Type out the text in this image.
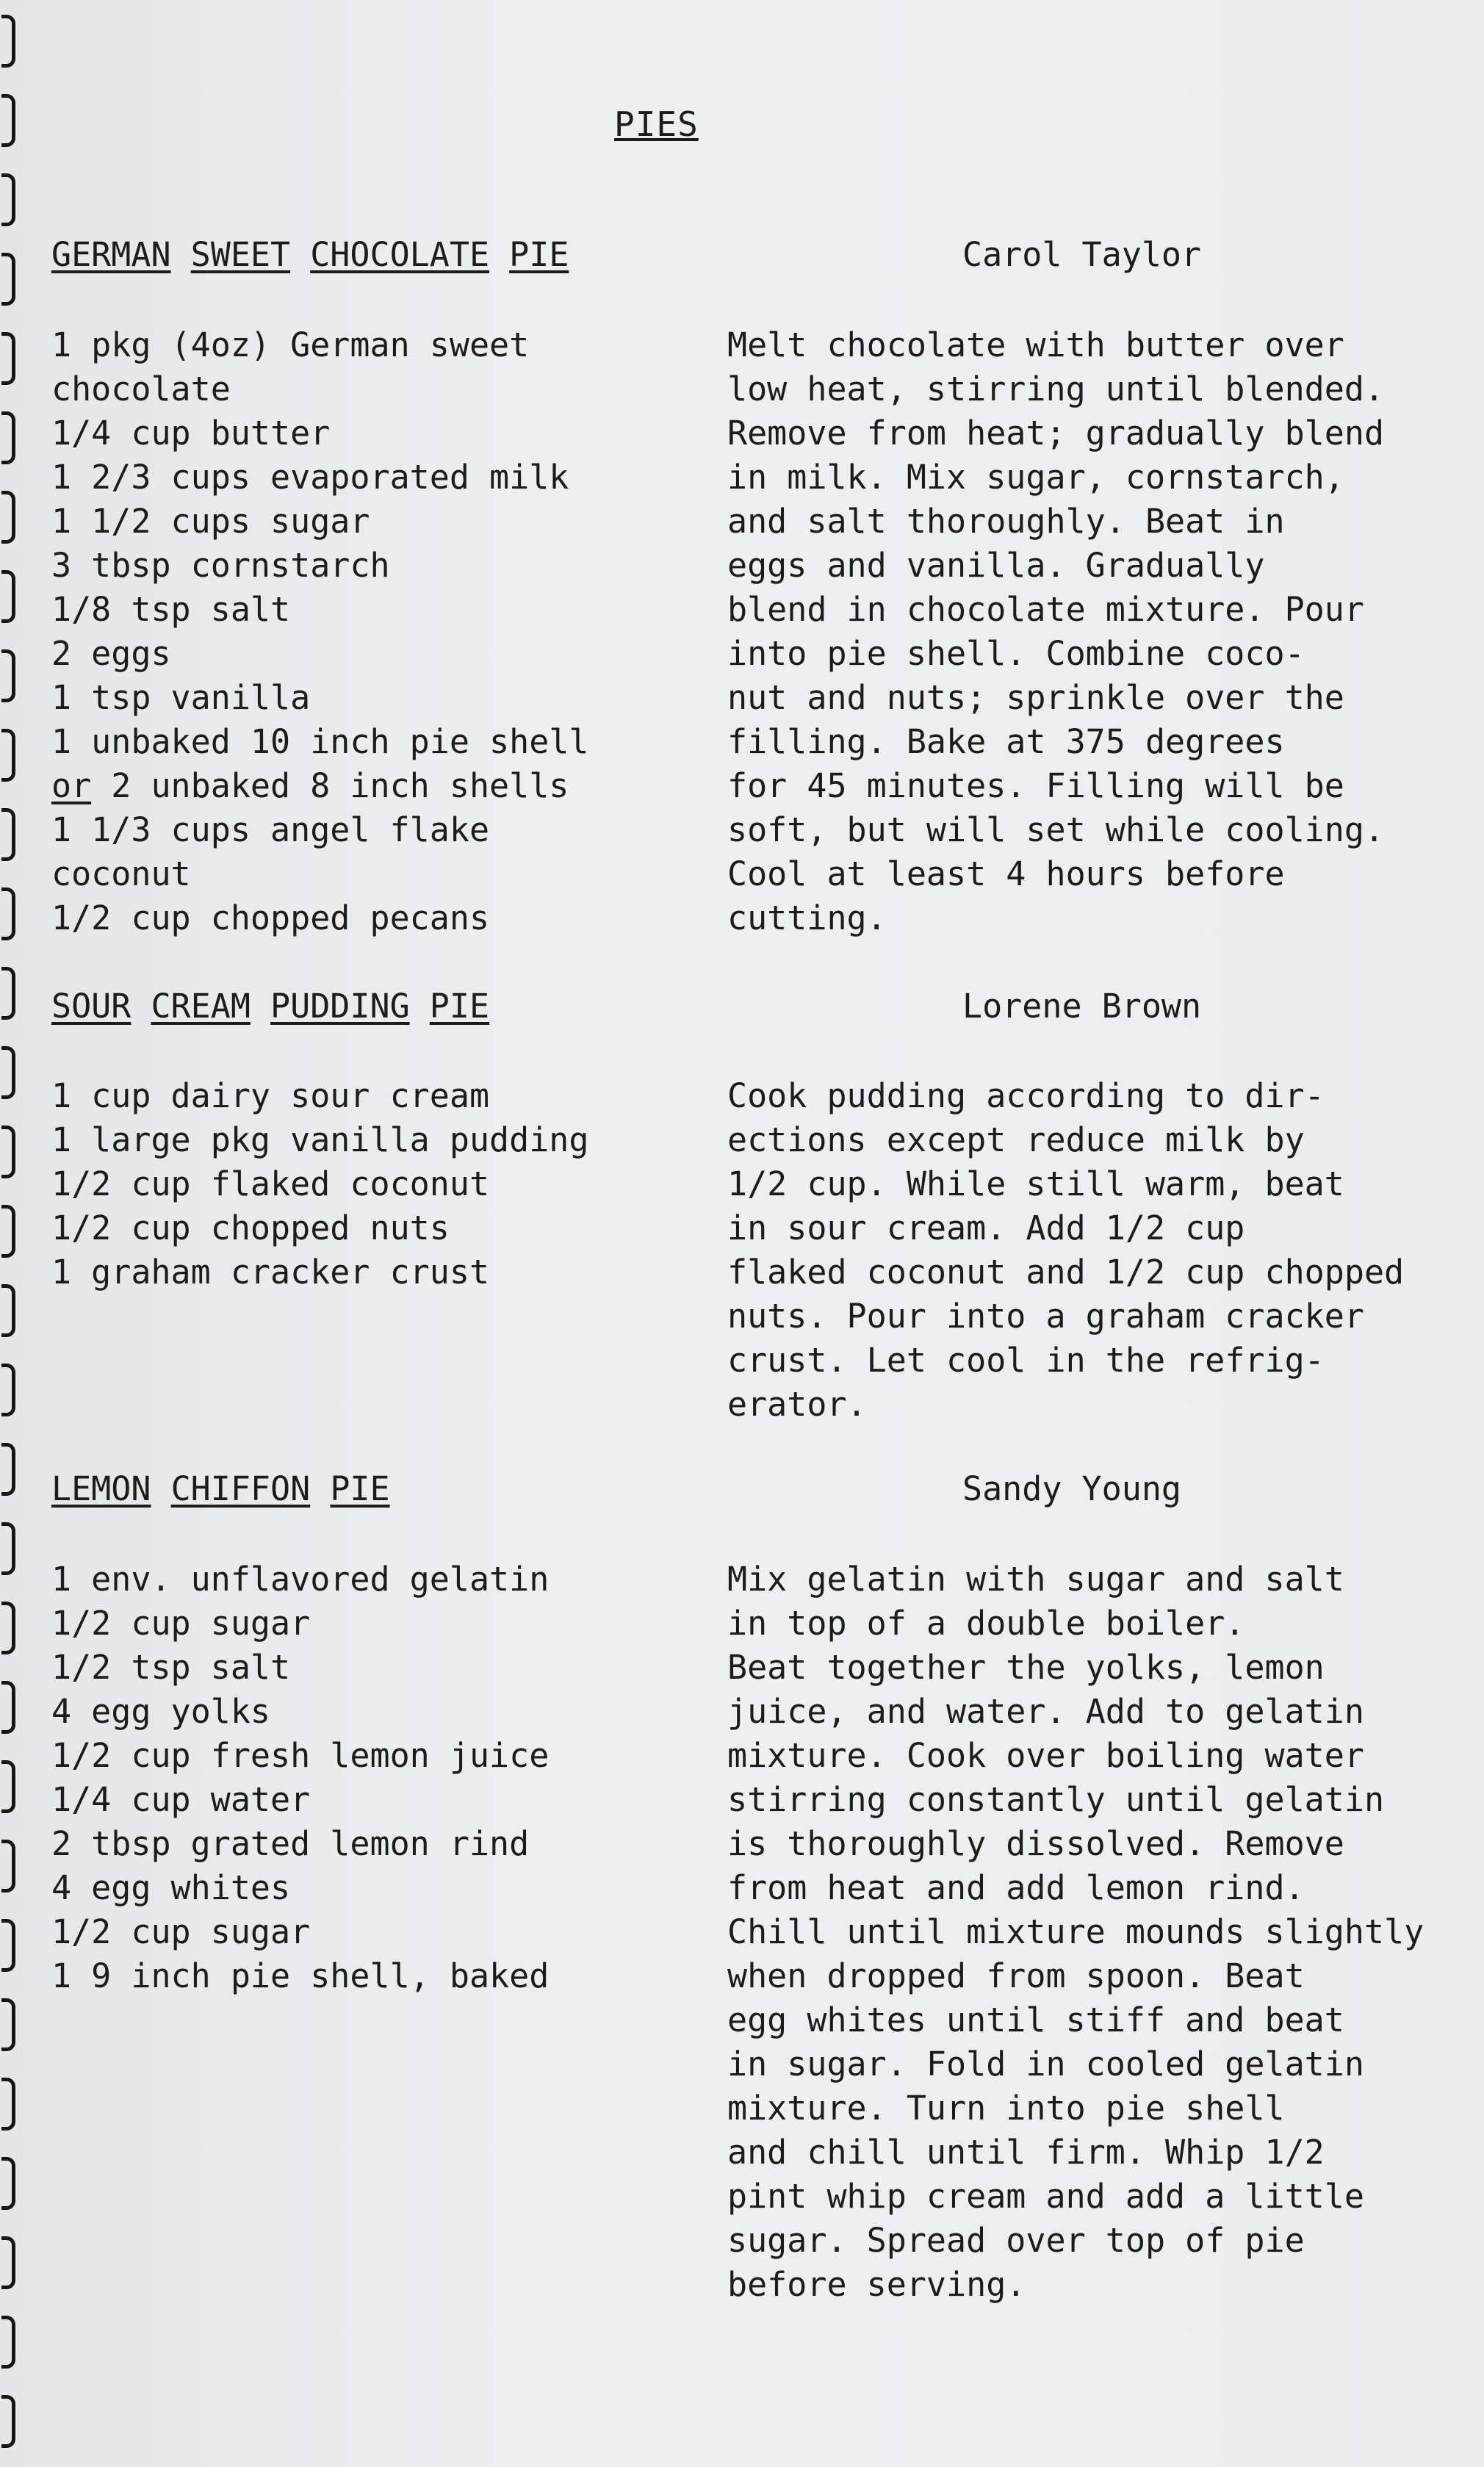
PIES
GERMAN SWEET CHOCOLATE PIE	Carol Taylor
1 pkg (4oz) German sweet
chocolate
1/4 cup butter
1 2/3 cups evaporated milk
1 1/2 cups sugar
3 tbsp cornstarch
1/8 tsp salt
2 eggs
1 tsp vanilla
1 unbaked 10 inch pie shell
or 2 unbaked 8 inch shells
1 1/3 cups angel flake
coconut
1/2 cup chopped pecans
Melt chocolate with butter over
low heat, stirring until blended.
Remove from heat; gradually blend
in milk. Mix sugar, cornstarch,
and salt thoroughly. Beat in
eggs and vanilla. Gradually
blend in chocolate mixture. Pour
into pie shell. Combine coco-
nut and nuts; sprinkle over the
filling. Bake at 375 degrees
for 45 minutes. Filling will be
soft, but will set while cooling.
Cool at least 4 hours before
cutting.
SOUR CREAM PUDDING PIE	Lorene Brown
1 cup dairy sour cream
1 large pkg vanilla pudding
1/2 cup flaked coconut
1/2 cup chopped nuts
1 graham cracker crust
Cook pudding according to dir-
ections except reduce milk by
1/2 cup. While still warm, beat
in sour cream. Add 1/2 cup
flaked coconut and 1/2 cup chopped
nuts. Pour into a graham cracker
crust. Let cool in the refrig-
erator.
LEMON CHIFFON PIE	Sandy Young
1 env. unflavored gelatin
1/2 cup sugar
1/2 tsp salt
4 egg yolks
1/2 cup fresh lemon juice
1/4 cup water
2 tbsp grated lemon rind
4 egg whites
1/2 cup sugar
1 9 inch pie shell, baked
Mix gelatin with sugar and salt
in top of a double boiler.
Beat together the yolks, lemon
juice, and water. Add to gelatin
mixture. Cook over boiling water
stirring constantly until gelatin
is thoroughly dissolved. Remove
from heat and add lemon rind.
Chill until mixture mounds slightly
when dropped from spoon. Beat
egg whites until stiff and beat
in sugar. Fold in cooled gelatin
mixture. Turn into pie shell
and chill until firm. Whip 1/2
pint whip cream and add a little
sugar. Spread over top of pie
before serving.
